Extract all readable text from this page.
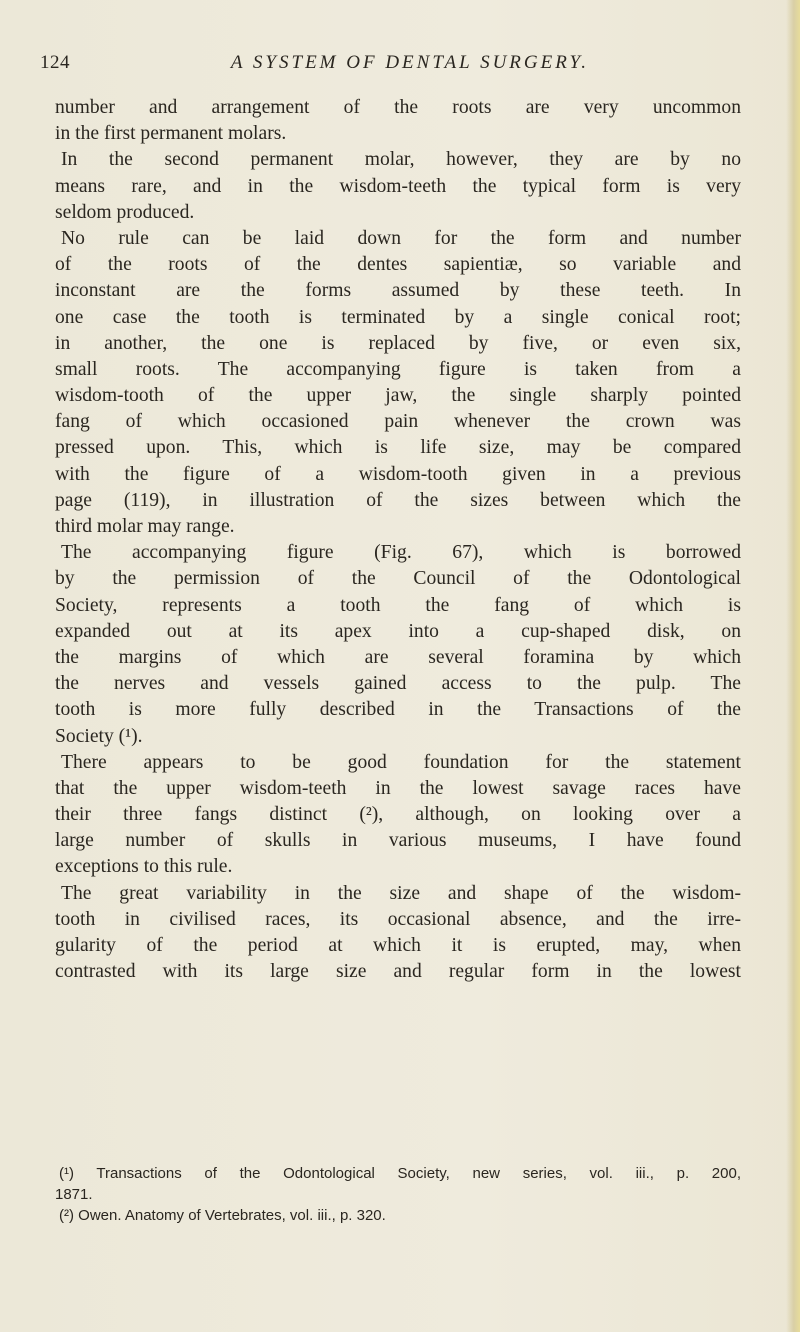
124	A SYSTEM OF DENTAL SURGERY.
number and arrangement of the roots are very uncommon
in the first permanent molars.
In the second permanent molar, however, they are by no
means rare, and in the wisdom-teeth the typical form is very
seldom produced.
No rule can be laid down for the form and number
of the roots of the dentes sapientiæ, so variable and
inconstant are the forms assumed by these teeth. In
one case the tooth is terminated by a single conical root;
in another, the one is replaced by five, or even six,
small roots. The accompanying figure is taken from a
wisdom-tooth of the upper jaw, the single sharply pointed
fang of which occasioned pain whenever the crown was
pressed upon. This, which is life size, may be compared
with the figure of a wisdom-tooth given in a previous
page (119), in illustration of the sizes between which the
third molar may range.
The accompanying figure (Fig. 67), which is borrowed
by the permission of the Council of the Odontological
Society, represents a tooth the fang of which is
expanded out at its apex into a cup-shaped disk, on
the margins of which are several foramina by which
the nerves and vessels gained access to the pulp. The
tooth is more fully described in the Transactions of the
Society (¹).
There appears to be good foundation for the statement
that the upper wisdom-teeth in the lowest savage races have
their three fangs distinct (²), although, on looking over a
large number of skulls in various museums, I have found
exceptions to this rule.
The great variability in the size and shape of the wisdom-
tooth in civilised races, its occasional absence, and the irre-
gularity of the period at which it is erupted, may, when
contrasted with its large size and regular form in the lowest
(¹) Transactions of the Odontological Society, new series, vol. iii., p. 200,
1871.
(²) Owen. Anatomy of Vertebrates, vol. iii., p. 320.
